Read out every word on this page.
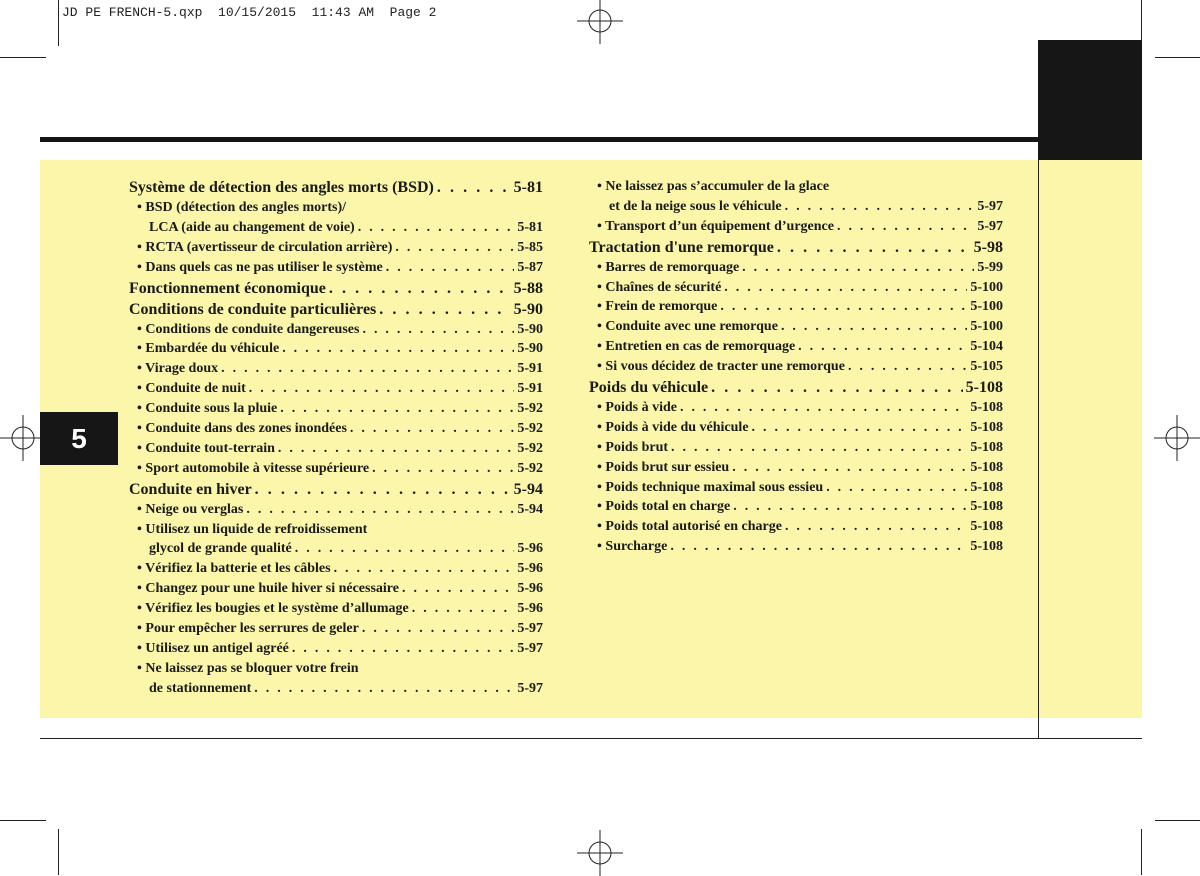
JD PE FRENCH-5.qxp  10/15/2015  11:43 AM  Page 2
5
Système de détection des angles morts (BSD) . . .	5-81
• BSD (détection des angles morts)/
LCA (aide au changement de voie) . . .	5-81
• RCTA (avertisseur de circulation arrière) . . .	5-85
• Dans quels cas ne pas utiliser le système . . .	5-87
Fonctionnement économique . . .	5-88
Conditions de conduite particulières . . .	5-90
• Conditions de conduite dangereuses . . .	5-90
• Embardée du véhicule . . .	5-90
• Virage doux . . .	5-91
• Conduite de nuit . . .	5-91
• Conduite sous la pluie . . .	5-92
• Conduite dans des zones inondées . . .	5-92
• Conduite tout-terrain . . .	5-92
• Sport automobile à vitesse supérieure . . .	5-92
Conduite en hiver . . .	5-94
• Neige ou verglas . . .	5-94
• Utilisez un liquide de refroidissement
glycol de grande qualité . . .	5-96
• Vérifiez la batterie et les câbles . . .	5-96
• Changez pour une huile hiver si nécessaire . . .	5-96
• Vérifiez les bougies et le système d’allumage . . .	5-96
• Pour empêcher les serrures de geler . . .	5-97
• Utilisez un antigel agréé . . .	5-97
• Ne laissez pas se bloquer votre frein
de stationnement . . .	5-97
• Ne laissez pas s’accumuler de la glace
et de la neige sous le véhicule . . .	5-97
• Transport d’un équipement d’urgence . . .	5-97
Tractation d'une remorque . . .	5-98
• Barres de remorquage . . .	5-99
• Chaînes de sécurité . . .	5-100
• Frein de remorque . . .	5-100
• Conduite avec une remorque . . .	5-100
• Entretien en cas de remorquage . . .	5-104
• Si vous décidez de tracter une remorque . . .	5-105
Poids du véhicule . . .	5-108
• Poids à vide . . .	5-108
• Poids à vide du véhicule . . .	5-108
• Poids brut . . .	5-108
• Poids brut sur essieu . . .	5-108
• Poids technique maximal sous essieu . . .	5-108
• Poids total en charge . . .	5-108
• Poids total autorisé en charge . . .	5-108
• Surcharge . . .	5-108
